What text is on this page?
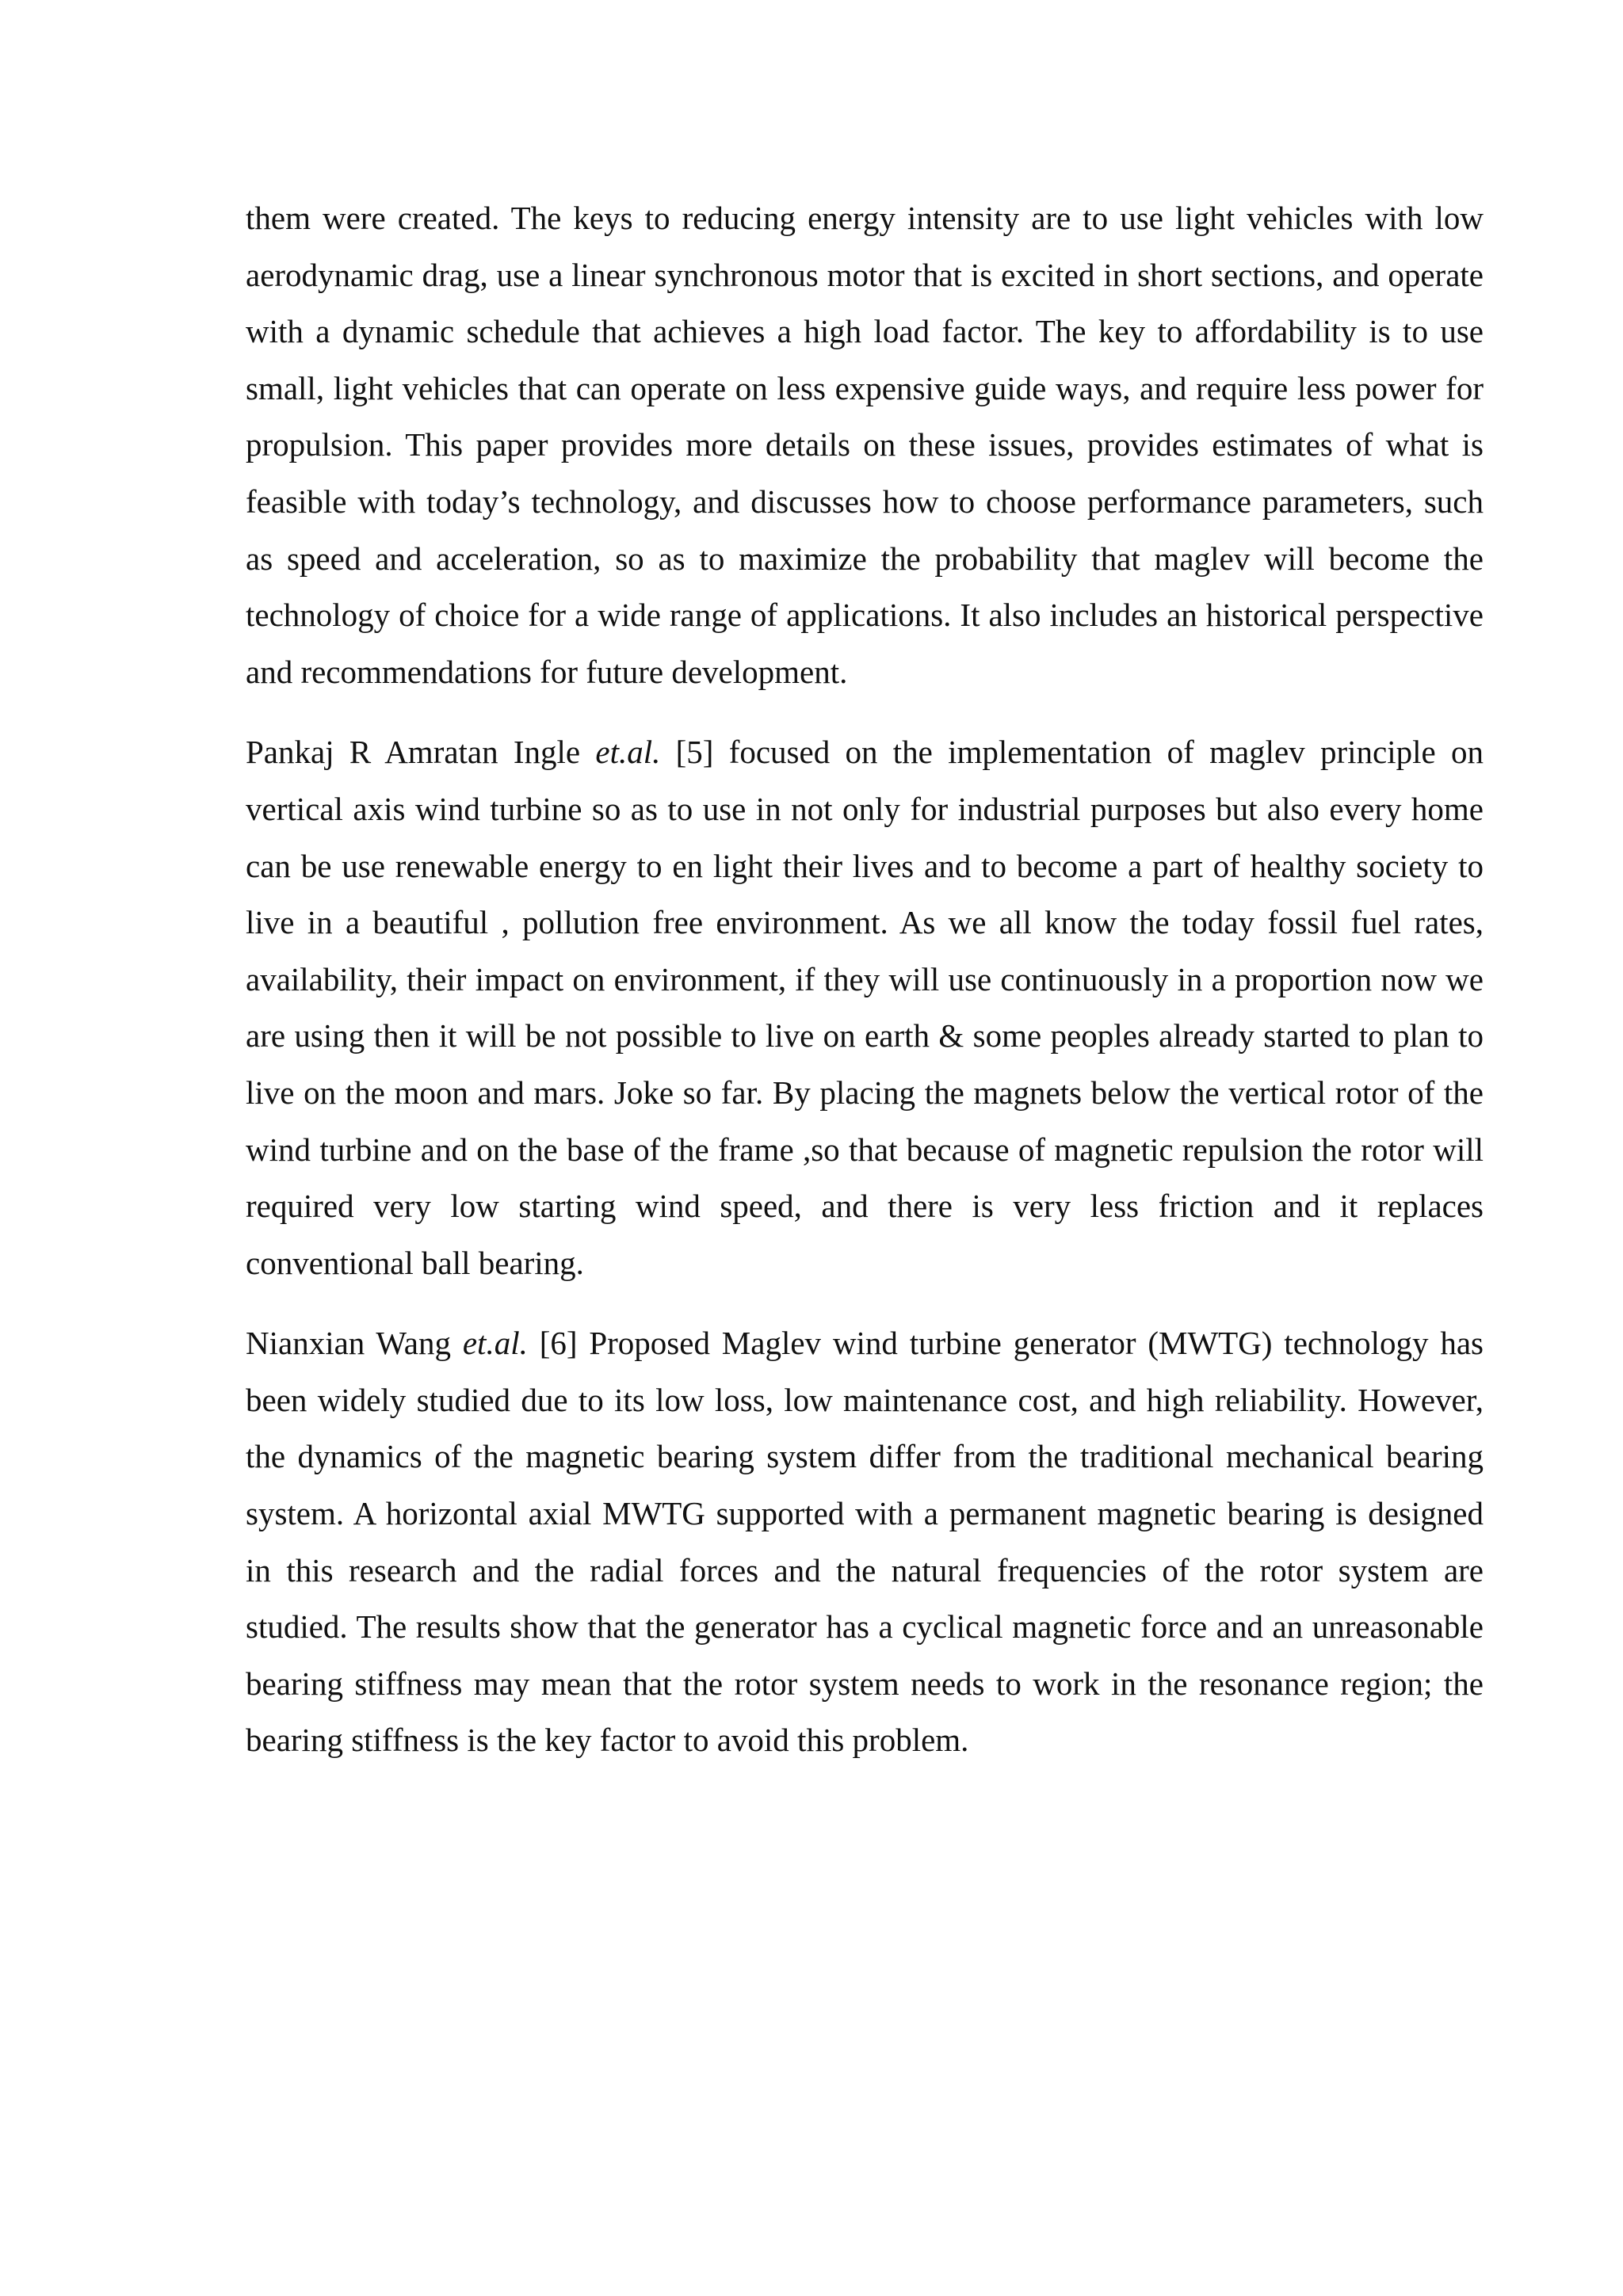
them were created. The keys to reducing energy intensity are to use light vehicles with low aerodynamic drag, use a linear synchronous motor that is excited in short sections, and operate with a dynamic schedule that achieves a high load factor. The key to affordability is to use small, light vehicles that can operate on less expensive guide ways, and require less power for propulsion. This paper provides more details on these issues, provides estimates of what is feasible with today’s technology, and discusses how to choose performance parameters, such as speed and acceleration, so as to maximize the probability that maglev will become the technology of choice for a wide range of applications. It also includes an historical perspective and recommendations for future development.

Pankaj R Amratan Ingle et.al. [5] focused on the implementation of maglev principle on vertical axis wind turbine so as to use in not only for industrial purposes but also every home can be use renewable energy to en light their lives and to become a part of healthy society to live in a beautiful , pollution free environment. As we all know the today fossil fuel rates, availability, their impact on environment, if they will use continuously in a proportion now we are using then it will be not possible to live on earth & some peoples already started to plan to live on the moon and mars. Joke so far. By placing the magnets below the vertical rotor of the wind turbine and on the base of the frame ,so that because of magnetic repulsion the rotor will required very low starting wind speed, and there is very less friction and it replaces conventional ball bearing.

Nianxian Wang et.al. [6] Proposed Maglev wind turbine generator (MWTG) technology has been widely studied due to its low loss, low maintenance cost, and high reliability. However, the dynamics of the magnetic bearing system differ from the traditional mechanical bearing system. A horizontal axial MWTG supported with a permanent magnetic bearing is designed in this research and the radial forces and the natural frequencies of the rotor system are studied. The results show that the generator has a cyclical magnetic force and an unreasonable bearing stiffness may mean that the rotor system needs to work in the resonance region; the bearing stiffness is the key factor to avoid this problem.
